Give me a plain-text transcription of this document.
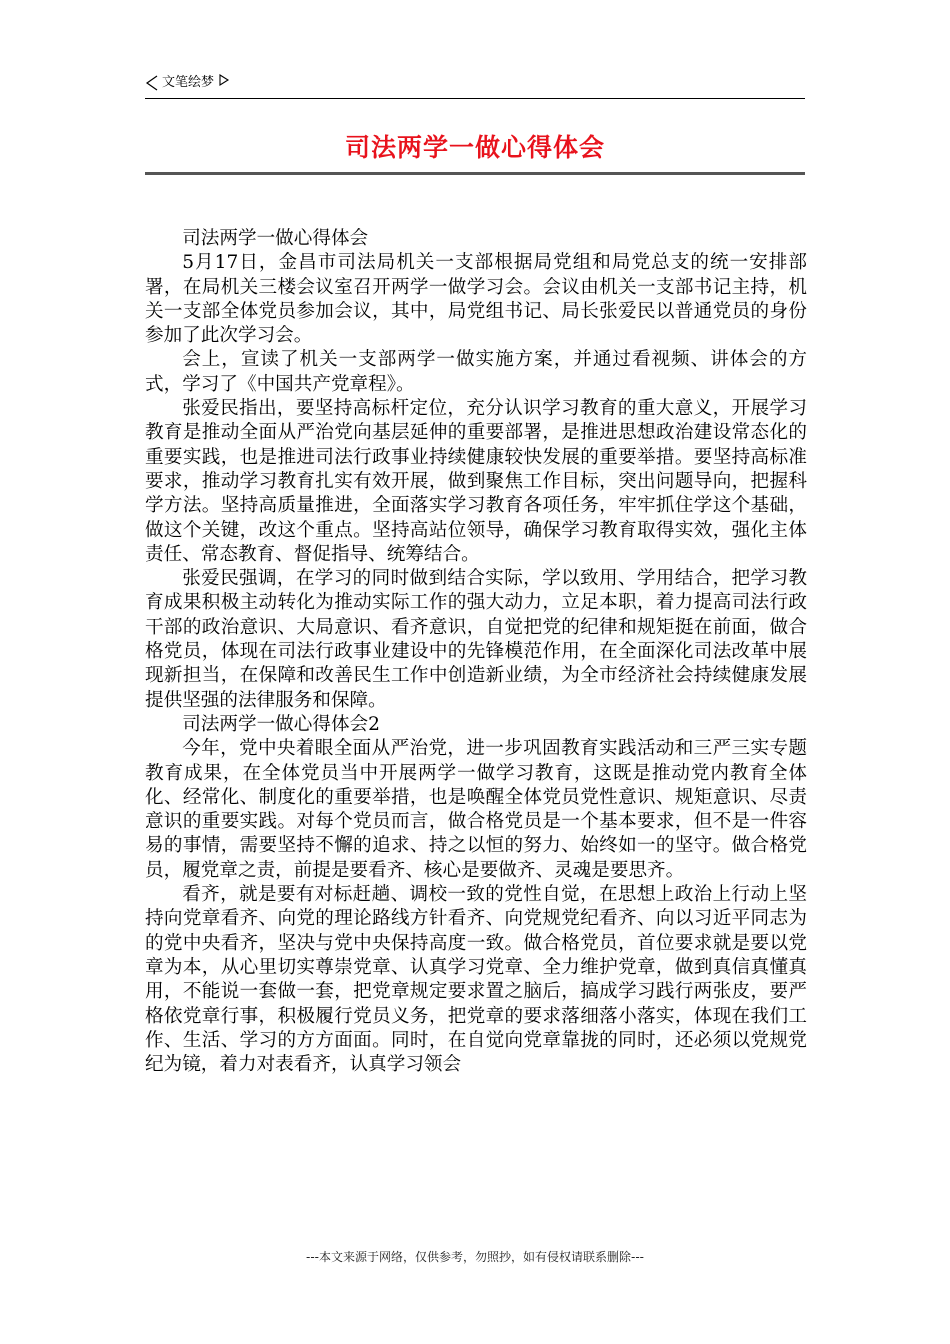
文笔绘梦
司法两学一做心得体会

司法两学一做心得体会

5月17日，金昌市司法局机关一支部根据局党组和局党总支的统一安排部署，在局机关三楼会议室召开两学一做学习会。会议由机关一支部书记主持，机关一支部全体党员参加会议，其中，局党组书记、局长张爱民以普通党员的身份参加了此次学习会。

会上，宣读了机关一支部两学一做实施方案，并通过看视频、讲体会的方式，学习了《中国共产党章程》。

张爱民指出，要坚持高标杆定位，充分认识学习教育的重大意义，开展学习教育是推动全面从严治党向基层延伸的重要部署，是推进思想政治建设常态化的重要实践，也是推进司法行政事业持续健康较快发展的重要举措。要坚持高标准要求，推动学习教育扎实有效开展，做到聚焦工作目标，突出问题导向，把握科学方法。坚持高质量推进，全面落实学习教育各项任务，牢牢抓住学这个基础，做这个关键，改这个重点。坚持高站位领导，确保学习教育取得实效，强化主体责任、常态教育、督促指导、统筹结合。

张爱民强调，在学习的同时做到结合实际，学以致用、学用结合，把学习教育成果积极主动转化为推动实际工作的强大动力，立足本职，着力提高司法行政干部的政治意识、大局意识、看齐意识，自觉把党的纪律和规矩挺在前面，做合格党员，体现在司法行政事业建设中的先锋模范作用，在全面深化司法改革中展现新担当，在保障和改善民生工作中创造新业绩，为全市经济社会持续健康发展提供坚强的法律服务和保障。

司法两学一做心得体会2

今年，党中央着眼全面从严治党，进一步巩固教育实践活动和三严三实专题教育成果，在全体党员当中开展两学一做学习教育，这既是推动党内教育全体化、经常化、制度化的重要举措，也是唤醒全体党员党性意识、规矩意识、尽责意识的重要实践。对每个党员而言，做合格党员是一个基本要求，但不是一件容易的事情，需要坚持不懈的追求、持之以恒的努力、始终如一的坚守。做合格党员，履党章之责，前提是要看齐、核心是要做齐、灵魂是要思齐。

看齐，就是要有对标赶趟、调校一致的党性自觉，在思想上政治上行动上坚持向党章看齐、向党的理论路线方针看齐、向党规党纪看齐、向以习近平同志为的党中央看齐，坚决与党中央保持高度一致。做合格党员，首位要求就是要以党章为本，从心里切实尊崇党章、认真学习党章、全力维护党章，做到真信真懂真用，不能说一套做一套，把党章规定要求置之脑后，搞成学习践行两张皮，要严格依党章行事，积极履行党员义务，把党章的要求落细落小落实，体现在我们工作、生活、学习的方方面面。同时，在自觉向党章靠拢的同时，还必须以党规党纪为镜，着力对表看齐，认真学习领会

---本文来源于网络，仅供参考，勿照抄，如有侵权请联系删除---
